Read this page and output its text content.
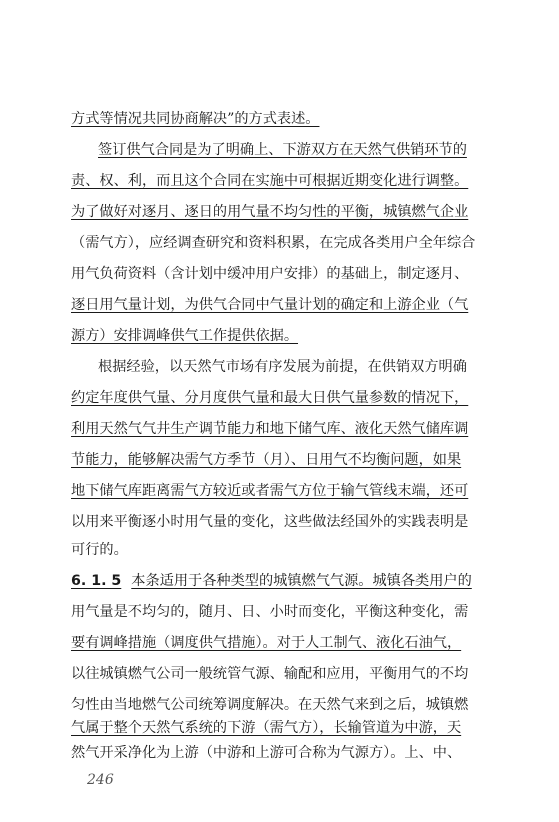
方式等情况共同协商解决”的方式表述。
签订供气合同是为了明确上、下游双方在天然气供销环节的
责、权、利，而且这个合同在实施中可根据近期变化进行调整。
为了做好对逐月、逐日的用气量不均匀性的平衡，城镇燃气企业
（需气方），应经调查研究和资料积累，在完成各类用户全年综合
用气负荷资料（含计划中缓冲用户安排）的基础上，制定逐月、
逐日用气量计划，为供气合同中气量计划的确定和上游企业（气
源方）安排调峰供气工作提供依据。
根据经验，以天然气市场有序发展为前提，在供销双方明确
约定年度供气量、分月度供气量和最大日供气量参数的情况下，
利用天然气气井生产调节能力和地下储气库、液化天然气储库调
节能力，能够解决需气方季节（月）、日用气不均衡问题，如果
地下储气库距离需气方较近或者需气方位于输气管线末端，还可
以用来平衡逐小时用气量的变化，这些做法经国外的实践表明是
可行的。
6. 1. 5 本条适用于各种类型的城镇燃气气源。城镇各类用户的
用气量是不均匀的，随月、日、小时而变化，平衡这种变化，需
要有调峰措施（调度供气措施）。对于人工制气、液化石油气，
以往城镇燃气公司一般统管气源、输配和应用，平衡用气的不均
匀性由当地燃气公司统筹调度解决。在天然气来到之后，城镇燃
气属于整个天然气系统的下游（需气方），长输管道为中游，天
然气开采净化为上游（中游和上游可合称为气源方）。上、中、
246
